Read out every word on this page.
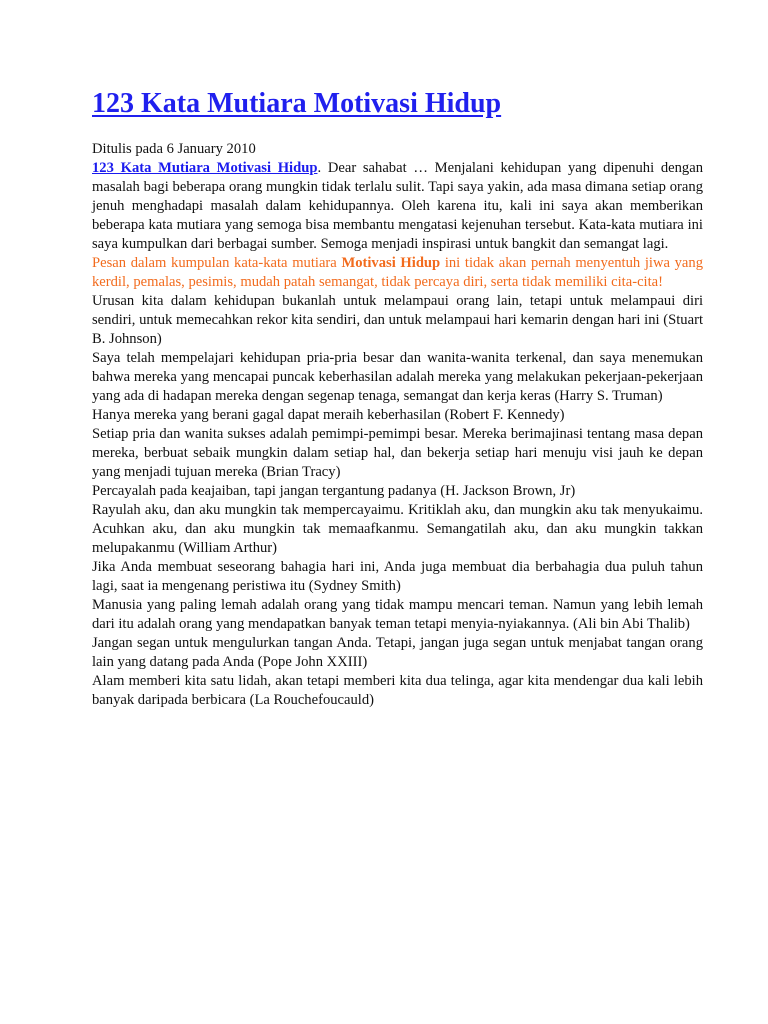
123 Kata Mutiara Motivasi Hidup

Ditulis pada 6 January 2010

123 Kata Mutiara Motivasi Hidup. Dear sahabat … Menjalani kehidupan yang dipenuhi dengan masalah bagi beberapa orang mungkin tidak terlalu sulit. Tapi saya yakin, ada masa dimana setiap orang jenuh menghadapi masalah dalam kehidupannya. Oleh karena itu, kali ini saya akan memberikan beberapa kata mutiara yang semoga bisa membantu mengatasi kejenuhan tersebut. Kata-kata mutiara ini saya kumpulkan dari berbagai sumber. Semoga menjadi inspirasi untuk bangkit dan semangat lagi.

Pesan dalam kumpulan kata-kata mutiara Motivasi Hidup ini tidak akan pernah menyentuh jiwa yang kerdil, pemalas, pesimis, mudah patah semangat, tidak percaya diri, serta tidak memiliki cita-cita!

Urusan kita dalam kehidupan bukanlah untuk melampaui orang lain, tetapi untuk melampaui diri sendiri, untuk memecahkan rekor kita sendiri, dan untuk melampaui hari kemarin dengan hari ini (Stuart B. Johnson)

Saya telah mempelajari kehidupan pria-pria besar dan wanita-wanita terkenal, dan saya menemukan bahwa mereka yang mencapai puncak keberhasilan adalah mereka yang melakukan pekerjaan-pekerjaan yang ada di hadapan mereka dengan segenap tenaga, semangat dan kerja keras (Harry S. Truman)

Hanya mereka yang berani gagal dapat meraih keberhasilan (Robert F. Kennedy)

Setiap pria dan wanita sukses adalah pemimpi-pemimpi besar. Mereka berimajinasi tentang masa depan mereka, berbuat sebaik mungkin dalam setiap hal, dan bekerja setiap hari menuju visi jauh ke depan yang menjadi tujuan mereka (Brian Tracy)

Percayalah pada keajaiban, tapi jangan tergantung padanya (H. Jackson Brown, Jr)

Rayulah aku, dan aku mungkin tak mempercayaimu. Kritiklah aku, dan mungkin aku tak menyukaimu. Acuhkan aku, dan aku mungkin tak memaafkanmu. Semangatilah aku, dan aku mungkin takkan melupakanmu (William Arthur)

Jika Anda membuat seseorang bahagia hari ini, Anda juga membuat dia berbahagia dua puluh tahun lagi, saat ia mengenang peristiwa itu (Sydney Smith)

Manusia yang paling lemah adalah orang yang tidak mampu mencari teman. Namun yang lebih lemah dari itu adalah orang yang mendapatkan banyak teman tetapi menyia-nyiakannya. (Ali bin Abi Thalib)

Jangan segan untuk mengulurkan tangan Anda. Tetapi, jangan juga segan untuk menjabat tangan orang lain yang datang pada Anda (Pope John XXIII)

Alam memberi kita satu lidah, akan tetapi memberi kita dua telinga, agar kita mendengar dua kali lebih banyak daripada berbicara (La Rouchefoucauld)
